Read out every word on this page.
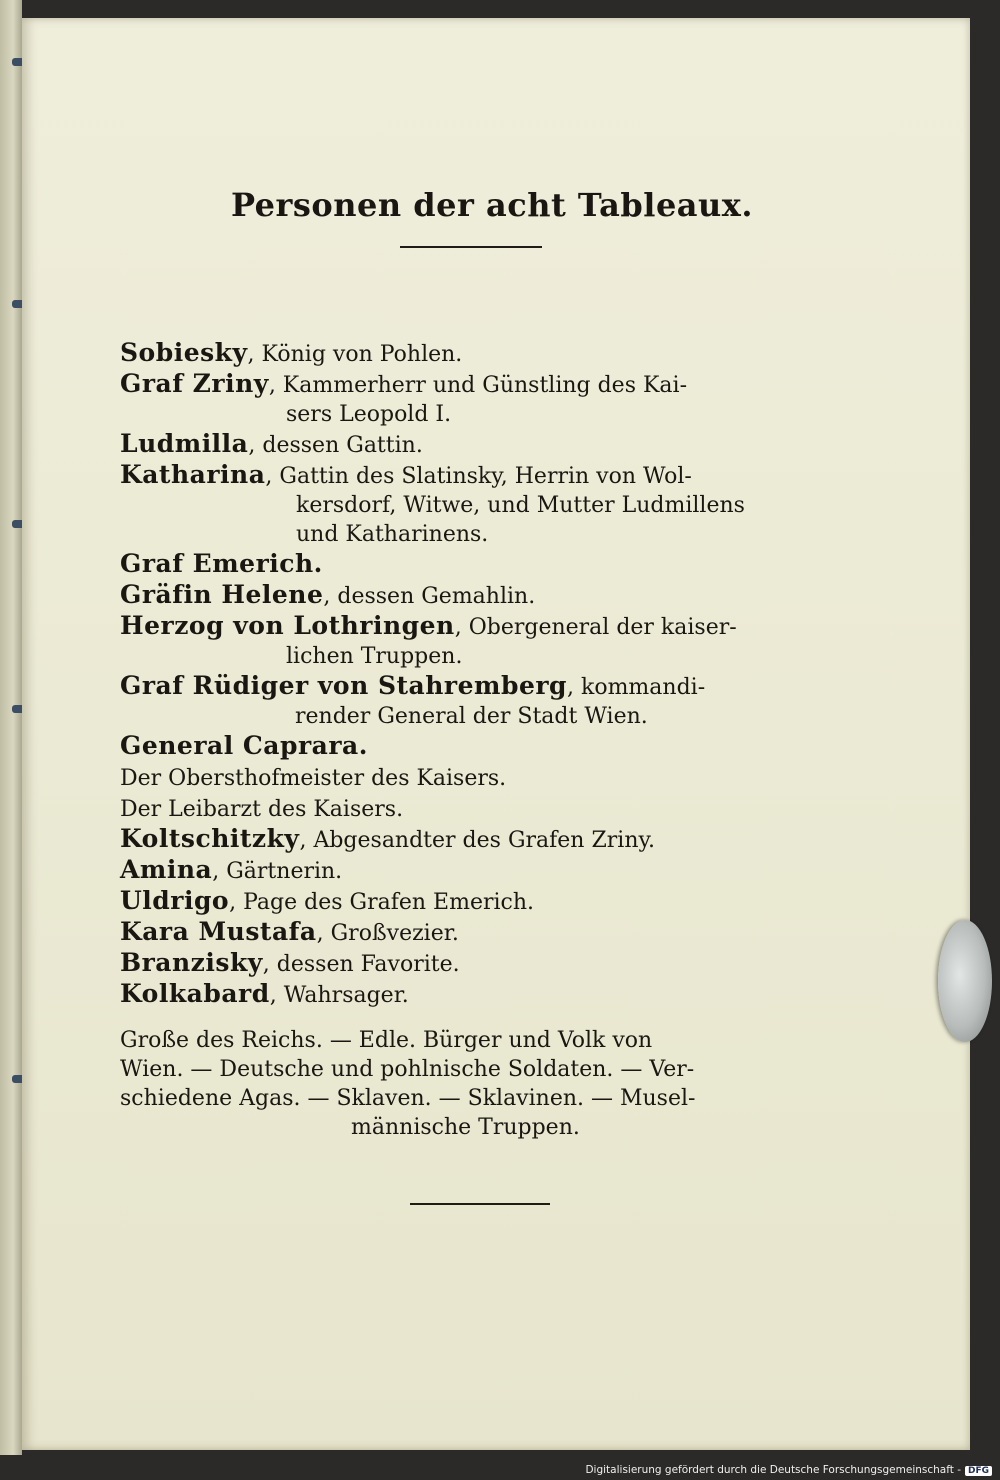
Personen der acht Tableaux.
Sobiesky, König von Pohlen.
Graf Zriny, Kammerherr und Günstling des Kai-
sers Leopold I.
Ludmilla, dessen Gattin.
Katharina, Gattin des Slatinsky, Herrin von Wol-
kersdorf, Witwe, und Mutter Ludmillens
und Katharinens.
Graf Emerich.
Gräfin Helene, dessen Gemahlin.
Herzog von Lothringen, Obergeneral der kaiser-
lichen Truppen.
Graf Rüdiger von Stahremberg, kommandi-
render General der Stadt Wien.
General Caprara.
Der Obersthofmeister des Kaisers.
Der Leibarzt des Kaisers.
Koltschitzky, Abgesandter des Grafen Zriny.
Amina, Gärtnerin.
Uldrigo, Page des Grafen Emerich.
Kara Mustafa, Großvezier.
Branzisky, dessen Favorite.
Kolkabard, Wahrsager.
Große des Reichs. — Edle. Bürger und Volk von
Wien. — Deutsche und pohlnische Soldaten. — Ver-
schiedene Agas. — Sklaven. — Sklavinen. — Musel-
männische Truppen.
Digitalisierung gefördert durch die Deutsche Forschungsgemeinschaft - DFG
